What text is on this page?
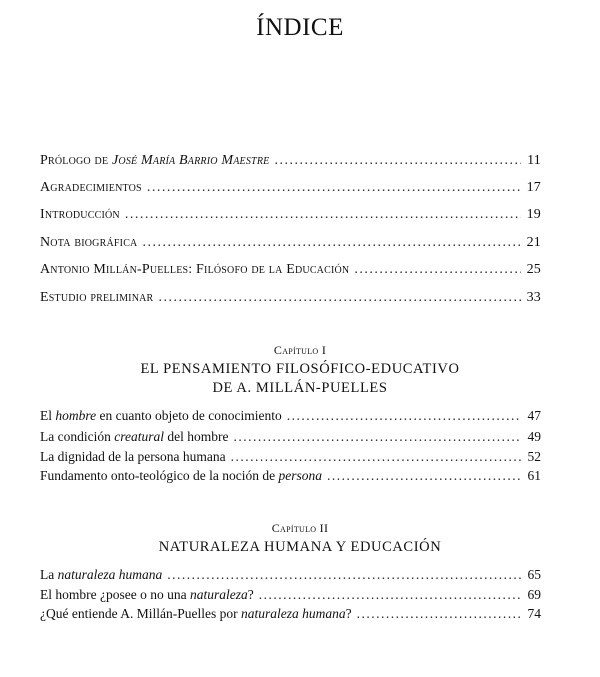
ÍNDICE
Prólogo de José María Barrio Maestre .....	11
Agradecimientos .....	17
Introducción .....	19
Nota biográfica .....	21
Antonio Millán-Puelles: Filósofo de la Educación .....	25
Estudio preliminar .....	33
Capítulo I
EL PENSAMIENTO FILOSÓFICO-EDUCATIVO
DE A. MILLÁN-PUELLES
El hombre en cuanto objeto de conocimiento .....	47
La condición creatural del hombre .....	49
La dignidad de la persona humana .....	52
Fundamento onto-teológico de la noción de persona .....	61
Capítulo II
NATURALEZA HUMANA Y EDUCACIÓN
La naturaleza humana .....	65
El hombre ¿posee o no una naturaleza? .....	69
¿Qué entiende A. Millán-Puelles por naturaleza humana? .....	74
